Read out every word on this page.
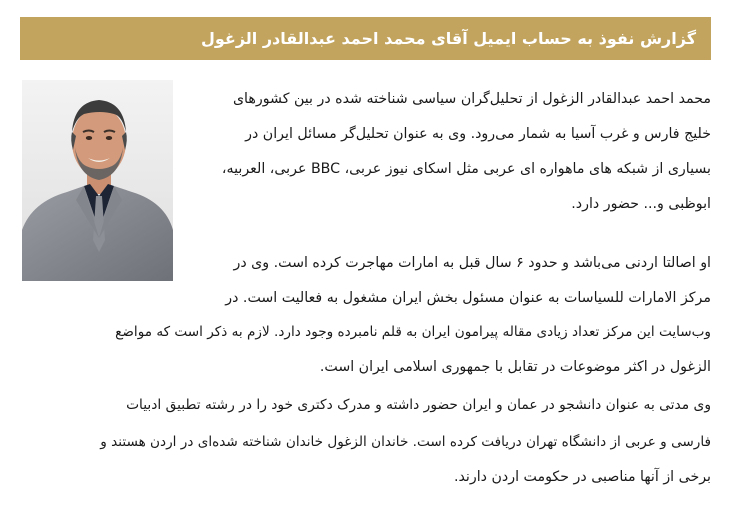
گزارش نفوذ به حساب ایمیل آقای محمد احمد عبدالقادر الزغول
محمد احمد عبدالقادر الزغول از تحلیل‌گران سیاسی شناخته شده در بین کشورهای
خلیج فارس و غرب آسیا به شمار می‌رود. وی به عنوان تحلیل‌گر مسائل ایران در
بسیاری از شبکه های ماهواره ای عربی مثل اسکای نیوز عربی، BBC عربی، العربیه،
ابوظبی و... حضور دارد.
او اصالتا اردنی می‌باشد و حدود ۶ سال قبل به امارات مهاجرت کرده است. وی در
مرکز الامارات للسیاسات به عنوان مسئول بخش ایران مشغول به فعالیت است. در
وب‌سایت این مرکز تعداد زیادی مقاله پیرامون ایران به قلم نامبرده وجود دارد. لازم به ذکر است که مواضع
الزغول در اکثر موضوعات در تقابل با جمهوری اسلامی ایران است.
وی مدتی به عنوان دانشجو در عمان و ایران حضور داشته و مدرک دکتری خود را در رشته تطبیق ادبیات
فارسی و عربی از دانشگاه تهران دریافت کرده است. خاندان الزغول خاندان شناخته شده‌ای در اردن هستند و
برخی از آنها مناصبی در حکومت اردن دارند.
